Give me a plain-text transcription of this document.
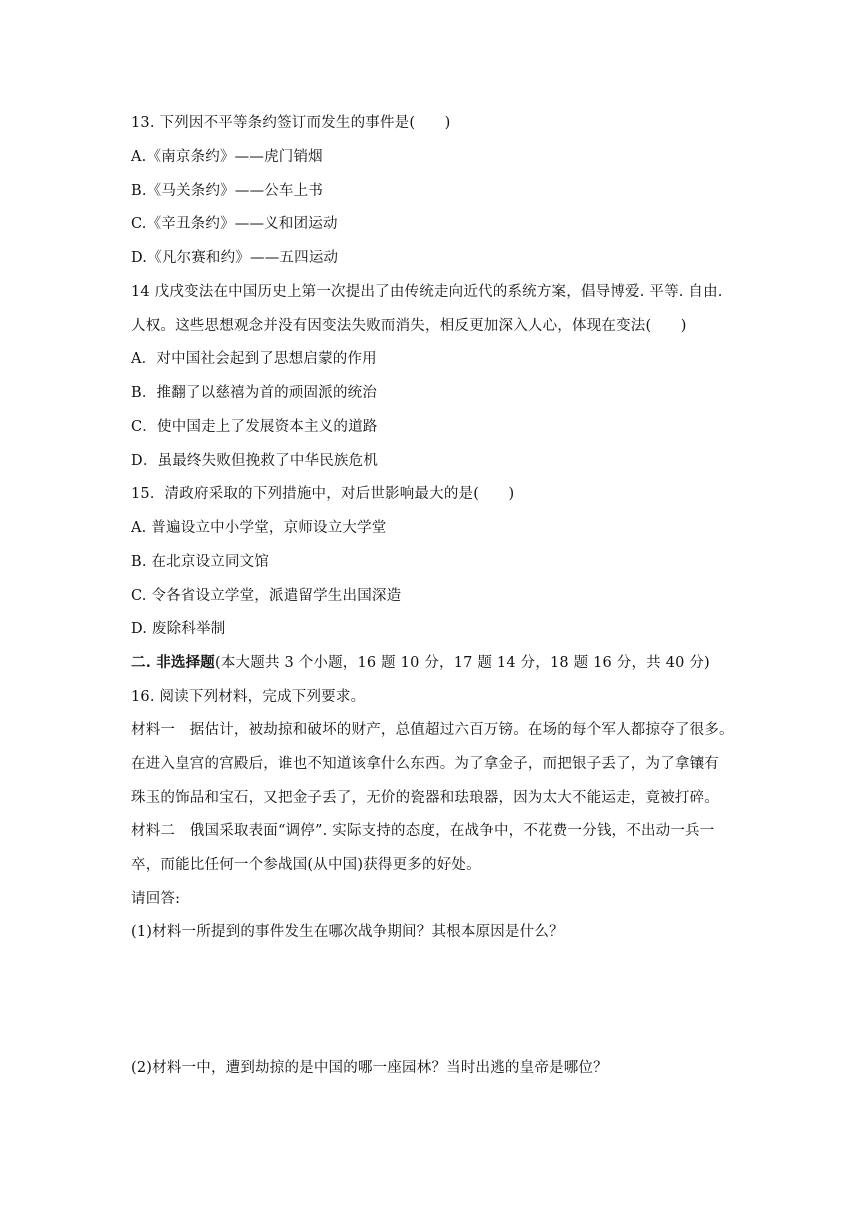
13. 下列因不平等条约签订而发生的事件是(　　)
A.《南京条约》——虎门销烟
B.《马关条约》——公车上书
C.《辛丑条约》——义和团运动
D.《凡尔赛和约》——五四运动
14 戊戌变法在中国历史上第一次提出了由传统走向近代的系统方案，倡导博爱. 平等. 自由.
人权。这些思想观念并没有因变法失败而消失，相反更加深入人心，体现在变法(　　)
A．对中国社会起到了思想启蒙的作用
B．推翻了以慈禧为首的顽固派的统治
C．使中国走上了发展资本主义的道路
D．虽最终失败但挽救了中华民族危机
15．清政府采取的下列措施中，对后世影响最大的是(　　)
A. 普遍设立中小学堂，京师设立大学堂
B. 在北京设立同文馆
C. 令各省设立学堂，派遣留学生出国深造
D. 废除科举制
二. 非选择题(本大题共 3 个小题，16 题 10 分，17 题 14 分，18 题 16 分，共 40 分)
16. 阅读下列材料，完成下列要求。
材料一　据估计，被劫掠和破坏的财产，总值超过六百万镑。在场的每个军人都掠夺了很多。
在进入皇宫的宫殿后，谁也不知道该拿什么东西。为了拿金子，而把银子丢了，为了拿镶有
珠玉的饰品和宝石，又把金子丢了，无价的瓷器和珐琅器，因为太大不能运走，竟被打碎。
材料二　俄国采取表面“调停”. 实际支持的态度，在战争中，不花费一分钱，不出动一兵一
卒，而能比任何一个参战国(从中国)获得更多的好处。
请回答:
(1)材料一所提到的事件发生在哪次战争期间？其根本原因是什么？
(2)材料一中，遭到劫掠的是中国的哪一座园林？当时出逃的皇帝是哪位？
